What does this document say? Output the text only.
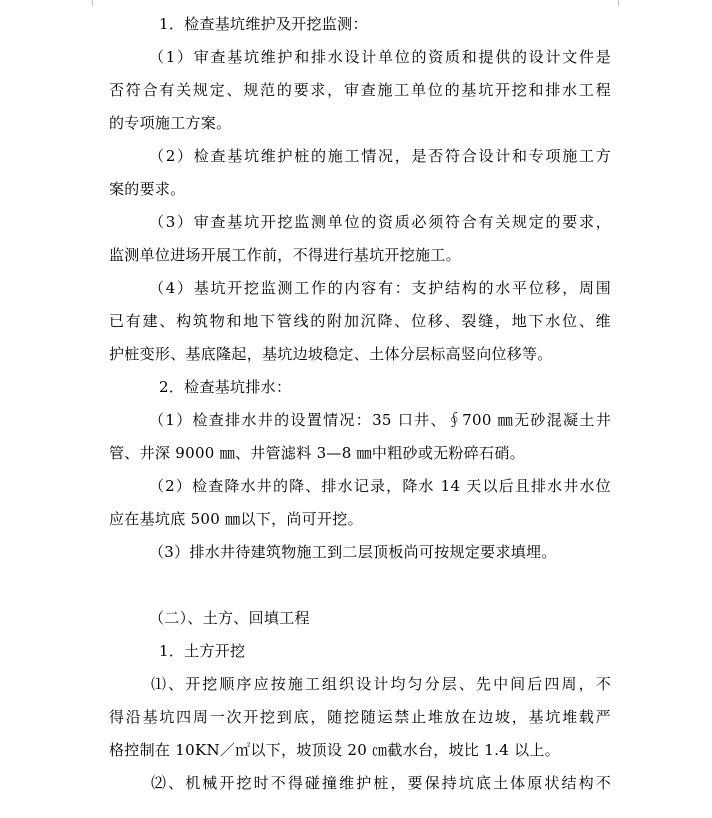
1．检查基坑维护及开挖监测：
（1）审查基坑维护和排水设计单位的资质和提供的设计文件是
否符合有关规定、规范的要求，审查施工单位的基坑开挖和排水工程
的专项施工方案。
（2）检查基坑维护桩的施工情况，是否符合设计和专项施工方
案的要求。
（3）审查基坑开挖监测单位的资质必须符合有关规定的要求，
监测单位进场开展工作前，不得进行基坑开挖施工。
（4）基坑开挖监测工作的内容有：支护结构的水平位移，周围
已有建、构筑物和地下管线的附加沉降、位移、裂缝，地下水位、维
护桩变形、基底隆起，基坑边坡稳定、土体分层标高竖向位移等。
2．检查基坑排水：
（1）检查排水井的设置情况：35 口井、∮700 ㎜无砂混凝土井
管、井深 9000 ㎜、井管滤料 3—8 ㎜中粗砂或无粉碎石硝。
（2）检查降水井的降、排水记录，降水 14 天以后且排水井水位
应在基坑底 500 ㎜以下，尚可开挖。
（3）排水井待建筑物施工到二层顶板尚可按规定要求填埋。
（二）、土方、回填工程
1．土方开挖
⑴、开挖顺序应按施工组织设计均匀分层、先中间后四周，不
得沿基坑四周一次开挖到底，随挖随运禁止堆放在边坡，基坑堆载严
格控制在 10KN／㎡以下，坡顶设 20 ㎝截水台，坡比 1.4 以上。
⑵、机械开挖时不得碰撞维护桩，要保持坑底土体原状结构不
